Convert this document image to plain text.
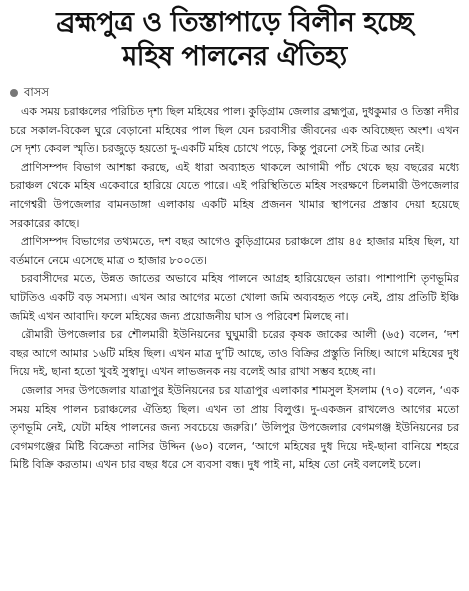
ব্রহ্মপুত্র ও তিস্তাপাড়ে বিলীন হচ্ছে
মহিষ পালনের ঐতিহ্য
বাসস

এক সময় চরাঞ্চলের পরিচিত দৃশ্য ছিল মহিষের পাল। কুড়িগ্রাম জেলার ব্রহ্মপুত্র, দুধকুমার ও তিস্তা নদীর চরে সকাল-বিকেল ঘুরে বেড়ানো মহিষের পাল ছিল যেন চরবাসীর জীবনের এক অবিচ্ছেদ্য অংশ। এখন সে দৃশ্য কেবল স্মৃতি। চরজুড়ে হয়তো দু-একটি মহিষ চোখে পড়ে, কিন্তু পুরনো সেই চিত্র আর নেই।

প্রাণিসম্পদ বিভাগ আশঙ্কা করছে, এই ধারা অব্যাহত থাকলে আগামী পাঁচ থেকে ছয় বছরের মধ্যে চরাঞ্চল থেকে মহিষ একেবারে হারিয়ে যেতে পারে। এই পরিস্থিতিতে মহিষ সংরক্ষণে চিলমারী উপজেলার নাগেশ্বরী উপজেলার বামনডাঙ্গা এলাকায় একটি মহিষ প্রজনন খামার স্থাপনের প্রস্তাব দেয়া হয়েছে সরকারের কাছে।

প্রাণিসম্পদ বিভাগের তথ্যমতে, দশ বছর আগেও কুড়িগ্রামের চরাঞ্চলে প্রায় ৪৫ হাজার মহিষ ছিল, যা বর্তমানে নেমে এসেছে মাত্র ৩ হাজার ৮০০তে।

চরবাসীদের মতে, উন্নত জাতের অভাবে মহিষ পালনে আগ্রহ হারিয়েছেন তারা। পাশাপাশি তৃণভূমির ঘাটতিও একটি বড় সমস্যা। এখন আর আগের মতো খোলা জমি অব্যবহৃত পড়ে নেই, প্রায় প্রতিটি ইঞ্চি জমিই এখন আবাদি। ফলে মহিষের জন্য প্রয়োজনীয় ঘাস ও পরিবেশ মিলছে না।

রৌমারী উপজেলার চর শৌলমারী ইউনিয়নের ঘুঘুমারী চরের কৃষক জাকের আলী (৬৫) বলেন, ‘দশ বছর আগে আমার ১৬টি মহিষ ছিল। এখন মাত্র দু’টি আছে, তাও বিক্রির প্রস্তুতি নিচ্ছি। আগে মহিষের দুধ দিয়ে দই, ছানা হতো খুবই সুস্বাদু। এখন লাভজনক নয় বলেই আর রাখা সম্ভব হচ্ছে না।

জেলার সদর উপজেলার যাত্রাপুর ইউনিয়নের চর যাত্রাপুর এলাকার শামসুল ইসলাম (৭০) বলেন, ‘এক সময় মহিষ পালন চরাঞ্চলের ঐতিহ্য ছিল। এখন তা প্রায় বিলুপ্ত। দু-একজন রাখলেও আগের মতো তৃণভূমি নেই, যেটা মহিষ পালনের জন্য সবচেয়ে জরুরি।’ উলিপুর উপজেলার বেগমগঞ্জ ইউনিয়নের চর বেগমগঞ্জের মিষ্টি বিক্রেতা নাসির উদ্দিন (৬০) বলেন, ‘আগে মহিষের দুধ দিয়ে দই-ছানা বানিয়ে শহরে মিষ্টি বিক্রি করতাম। এখন চার বছর ধরে সে ব্যবসা বন্ধ। দুধ পাই না, মহিষ তো নেই বললেই চলে।
